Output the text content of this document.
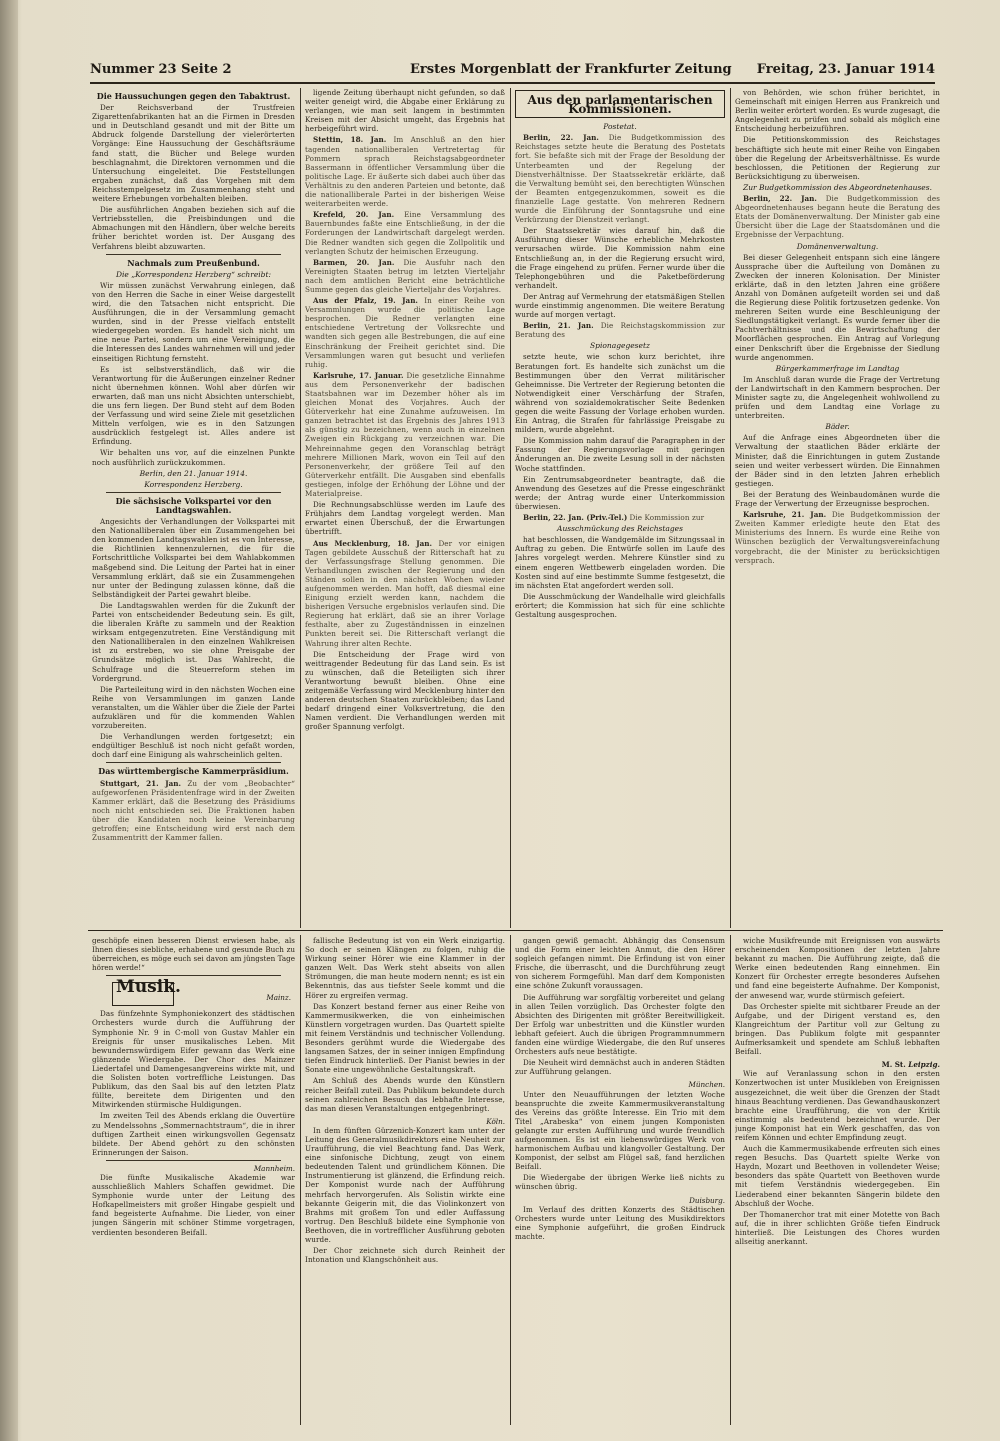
Nummer 23 Seite 2	Erstes Morgenblatt der Frankfurter Zeitung Freitag, 23. Januar 1914
Die Haussuchungen gegen den Tabaktrust.

Der Reichsverband der Trustfreien Zigarettenfabrikanten hat an die Firmen in Dresden und in Deutschland gesandt und mit der Bitte um Abdruck folgende Darstellung der vielerörterten Vorgänge: Eine Haussuchung der Geschäftsräume fand statt, die Bücher und Belege wurden beschlagnahmt, die Direktoren vernommen und die Untersuchung eingeleitet. Die Feststellungen ergaben zunächst, daß das Vorgehen mit dem Reichsstempelgesetz im Zusammenhang steht und weitere Erhebungen vorbehalten bleiben.

Die ausführlichen Angaben beziehen sich auf die Vertriebsstellen, die Preisbindungen und die Abmachungen mit den Händlern, über welche bereits früher berichtet worden ist. Der Ausgang des Verfahrens bleibt abzuwarten.

Nachmals zum Preußenbund.
Die „Korrespondenz Herzberg“ schreibt:

Wir müssen zunächst Verwahrung einlegen, daß von den Herren die Sache in einer Weise dargestellt wird, die den Tatsachen nicht entspricht. Die Ausführungen, die in der Versammlung gemacht wurden, sind in der Presse vielfach entstellt wiedergegeben worden. Es handelt sich nicht um eine neue Partei, sondern um eine Vereinigung, die die Interessen des Landes wahrnehmen will und jeder einseitigen Richtung fernsteht.

Es ist selbstverständlich, daß wir die Verantwortung für die Äußerungen einzelner Redner nicht übernehmen können. Wohl aber dürfen wir erwarten, daß man uns nicht Absichten unterschiebt, die uns fern liegen. Der Bund steht auf dem Boden der Verfassung und wird seine Ziele mit gesetzlichen Mitteln verfolgen, wie es in den Satzungen ausdrücklich festgelegt ist. Alles andere ist Erfindung.

Wir behalten uns vor, auf die einzelnen Punkte noch ausführlich zurückzukommen.

Berlin, den 21. Januar 1914.
Korrespondenz Herzberg.
Die sächsische Volkspartei vor den Landtagswahlen.

Angesichts der Verhandlungen der Volkspartei mit den Nationalliberalen über ein Zusammengehen bei den kommenden Landtagswahlen ist es von Interesse, die Richtlinien kennenzulernen, die für die Fortschrittliche Volkspartei bei dem Wahlabkommen maßgebend sind. Die Leitung der Partei hat in einer Versammlung erklärt, daß sie ein Zusammengehen nur unter der Bedingung zulassen könne, daß die Selbständigkeit der Partei gewahrt bleibe.

Die Landtagswahlen werden für die Zukunft der Partei von entscheidender Bedeutung sein. Es gilt, die liberalen Kräfte zu sammeln und der Reaktion wirksam entgegenzutreten. Eine Verständigung mit den Nationalliberalen in den einzelnen Wahlkreisen ist zu erstreben, wo sie ohne Preisgabe der Grundsätze möglich ist. Das Wahlrecht, die Schulfrage und die Steuerreform stehen im Vordergrund.

Die Parteileitung wird in den nächsten Wochen eine Reihe von Versammlungen im ganzen Lande veranstalten, um die Wähler über die Ziele der Partei aufzuklären und für die kommenden Wahlen vorzubereiten.

Die Verhandlungen werden fortgesetzt; ein endgültiger Beschluß ist noch nicht gefaßt worden, doch darf eine Einigung als wahrscheinlich gelten.

Das württembergische Kammerpräsidium.

Stuttgart, 21. Jan. Zu der vom „Beobachter“ aufgeworfenen Präsidentenfrage wird in der Zweiten Kammer erklärt, daß die Besetzung des Präsidiums noch nicht entschieden sei. Die Fraktionen haben über die Kandidaten noch keine Vereinbarung getroffen; eine Entscheidung wird erst nach dem Zusammentritt der Kammer fallen.

ligende Zeitung überhaupt nicht gefunden, so daß weiter geneigt wird, die Abgabe einer Erklärung zu verlangen, wie man seit langem in bestimmten Kreisen mit der Absicht umgeht, das Ergebnis hat herbeigeführt wird.

Stettin, 18. Jan. Im Anschluß an den hier tagenden nationalliberalen Vertretertag für Pommern sprach Reichstagsabgeordneter Bassermann in öffentlicher Versammlung über die politische Lage. Er äußerte sich dabei auch über das Verhältnis zu den anderen Parteien und betonte, daß die nationalliberale Partei in der bisherigen Weise weiterarbeiten werde.

Krefeld, 20. Jan. Eine Versammlung des Bauernbundes faßte eine Entschließung, in der die Forderungen der Landwirtschaft dargelegt werden. Die Redner wandten sich gegen die Zollpolitik und verlangten Schutz der heimischen Erzeugung.

Barmen, 20. Jan. Die Ausfuhr nach den Vereinigten Staaten betrug im letzten Vierteljahr nach dem amtlichen Bericht eine beträchtliche Summe gegen das gleiche Vierteljahr des Vorjahres.

Aus der Pfalz, 19. Jan. In einer Reihe von Versammlungen wurde die politische Lage besprochen. Die Redner verlangten eine entschiedene Vertretung der Volksrechte und wandten sich gegen alle Bestrebungen, die auf eine Einschränkung der Freiheit gerichtet sind. Die Versammlungen waren gut besucht und verliefen ruhig.

Karlsruhe, 17. Januar. Die gesetzliche Einnahme aus dem Personenverkehr der badischen Staatsbahnen war im Dezember höher als im gleichen Monat des Vorjahres. Auch der Güterverkehr hat eine Zunahme aufzuweisen. Im ganzen betrachtet ist das Ergebnis des Jahres 1913 als günstig zu bezeichnen, wenn auch in einzelnen Zweigen ein Rückgang zu verzeichnen war. Die Mehreinnahme gegen den Voranschlag beträgt mehrere Millionen Mark, wovon ein Teil auf den Personenverkehr, der größere Teil auf den Güterverkehr entfällt. Die Ausgaben sind ebenfalls gestiegen, infolge der Erhöhung der Löhne und der Materialpreise.

Die Rechnungsabschlüsse werden im Laufe des Frühjahrs dem Landtag vorgelegt werden. Man erwartet einen Überschuß, der die Erwartungen übertrifft.

Aus Mecklenburg, 18. Jan. Der vor einigen Tagen gebildete Ausschuß der Ritterschaft hat zu der Verfassungsfrage Stellung genommen. Die Verhandlungen zwischen der Regierung und den Ständen sollen in den nächsten Wochen wieder aufgenommen werden. Man hofft, daß diesmal eine Einigung erzielt werden kann, nachdem die bisherigen Versuche ergebnislos verlaufen sind. Die Regierung hat erklärt, daß sie an ihrer Vorlage festhalte, aber zu Zugeständnissen in einzelnen Punkten bereit sei. Die Ritterschaft verlangt die Wahrung ihrer alten Rechte.

Die Entscheidung der Frage wird von weittragender Bedeutung für das Land sein. Es ist zu wünschen, daß die Beteiligten sich ihrer Verantwortung bewußt bleiben. Ohne eine zeitgemäße Verfassung wird Mecklenburg hinter den anderen deutschen Staaten zurückbleiben; das Land bedarf dringend einer Volksvertretung, die den Namen verdient. Die Verhandlungen werden mit großer Spannung verfolgt.

Aus den parlamentarischen Kommissionen.
Postetat.

Berlin, 22. Jan. Die Budgetkommission des Reichstages setzte heute die Beratung des Postetats fort. Sie befaßte sich mit der Frage der Besoldung der Unterbeamten und der Regelung der Dienstverhältnisse. Der Staatssekretär erklärte, daß die Verwaltung bemüht sei, den berechtigten Wünschen der Beamten entgegenzukommen, soweit es die finanzielle Lage gestatte. Von mehreren Rednern wurde die Einführung der Sonntagsruhe und eine Verkürzung der Dienstzeit verlangt.

Der Staatssekretär wies darauf hin, daß die Ausführung dieser Wünsche erhebliche Mehrkosten verursachen würde. Die Kommission nahm eine Entschließung an, in der die Regierung ersucht wird, die Frage eingehend zu prüfen. Ferner wurde über die Telephongebühren und die Paketbeförderung verhandelt.

Der Antrag auf Vermehrung der etatsmäßigen Stellen wurde einstimmig angenommen. Die weitere Beratung wurde auf morgen vertagt.

Berlin, 21. Jan. Die Reichstagskommission zur Beratung des

Spionagegesetz

setzte heute, wie schon kurz berichtet, ihre Beratungen fort. Es handelte sich zunächst um die Bestimmungen über den Verrat militärischer Geheimnisse. Die Vertreter der Regierung betonten die Notwendigkeit einer Verschärfung der Strafen, während von sozialdemokratischer Seite Bedenken gegen die weite Fassung der Vorlage erhoben wurden. Ein Antrag, die Strafen für fahrlässige Preisgabe zu mildern, wurde abgelehnt.

Die Kommission nahm darauf die Paragraphen in der Fassung der Regierungsvorlage mit geringen Änderungen an. Die zweite Lesung soll in der nächsten Woche stattfinden.

Ein Zentrumsabgeordneter beantragte, daß die Anwendung des Gesetzes auf die Presse eingeschränkt werde; der Antrag wurde einer Unterkommission überwiesen.

Berlin, 22. Jan. (Priv.-Tel.) Die Kommission zur

Ausschmückung des Reichstages

hat beschlossen, die Wandgemälde im Sitzungssaal in Auftrag zu geben. Die Entwürfe sollen im Laufe des Jahres vorgelegt werden. Mehrere Künstler sind zu einem engeren Wettbewerb eingeladen worden. Die Kosten sind auf eine bestimmte Summe festgesetzt, die im nächsten Etat angefordert werden soll.

Die Ausschmückung der Wandelhalle wird gleichfalls erörtert; die Kommission hat sich für eine schlichte Gestaltung ausgesprochen.

von Behörden, wie schon früher berichtet, in Gemeinschaft mit einigen Herren aus Frankreich und Berlin weiter erörtert worden. Es wurde zugesagt, die Angelegenheit zu prüfen und sobald als möglich eine Entscheidung herbeizuführen.

Die Petitionskommission des Reichstages beschäftigte sich heute mit einer Reihe von Eingaben über die Regelung der Arbeitsverhältnisse. Es wurde beschlossen, die Petitionen der Regierung zur Berücksichtigung zu überweisen.

Zur Budgetkommission des Abgeordnetenhauses.

Berlin, 22. Jan. Die Budgetkommission des Abgeordnetenhauses begann heute die Beratung des Etats der Domänenverwaltung. Der Minister gab eine Übersicht über die Lage der Staatsdomänen und die Ergebnisse der Verpachtung.

Domänenverwaltung.

Bei dieser Gelegenheit entspann sich eine längere Aussprache über die Aufteilung von Domänen zu Zwecken der inneren Kolonisation. Der Minister erklärte, daß in den letzten Jahren eine größere Anzahl von Domänen aufgeteilt worden sei und daß die Regierung diese Politik fortzusetzen gedenke. Von mehreren Seiten wurde eine Beschleunigung der Siedlungstätigkeit verlangt. Es wurde ferner über die Pachtverhältnisse und die Bewirtschaftung der Moorflächen gesprochen. Ein Antrag auf Vorlegung einer Denkschrift über die Ergebnisse der Siedlung wurde angenommen.

Bürgerkammerfrage im Landtag

Im Anschluß daran wurde die Frage der Vertretung der Landwirtschaft in den Kammern besprochen. Der Minister sagte zu, die Angelegenheit wohlwollend zu prüfen und dem Landtag eine Vorlage zu unterbreiten.

Bäder.

Auf die Anfrage eines Abgeordneten über die Verwaltung der staatlichen Bäder erklärte der Minister, daß die Einrichtungen in gutem Zustande seien und weiter verbessert würden. Die Einnahmen der Bäder sind in den letzten Jahren erheblich gestiegen.

Bei der Beratung des Weinbaudomänen wurde die Frage der Verwertung der Erzeugnisse besprochen.

Karlsruhe, 21. Jan. Die Budgetkommission der Zweiten Kammer erledigte heute den Etat des Ministeriums des Innern. Es wurde eine Reihe von Wünschen bezüglich der Verwaltungsvereinfachung vorgebracht, die der Minister zu berücksichtigen versprach.

geschöpfe einen besseren Dienst erwiesen habe, als Ihnen dieses siebliche, erhabene und gesunde Buch zu überreichen, es möge euch sei davon am jüngsten Tage hören werde!“

Musik.
Mainz.

Das fünfzehnte Symphoniekonzert des städtischen Orchesters wurde durch die Aufführung der Symphonie Nr. 9 in C-moll von Gustav Mahler ein Ereignis für unser musikalisches Leben. Mit bewundernswürdigem Eifer gewann das Werk eine glänzende Wiedergabe. Der Chor des Mainzer Liedertafel und Damengesangvereins wirkte mit, und die Solisten boten vortreffliche Leistungen. Das Publikum, das den Saal bis auf den letzten Platz füllte, bereitete dem Dirigenten und den Mitwirkenden stürmische Huldigungen.

Im zweiten Teil des Abends erklang die Ouvertüre zu Mendelssohns „Sommernachtstraum“, die in ihrer duftigen Zartheit einen wirkungsvollen Gegensatz bildete. Der Abend gehört zu den schönsten Erinnerungen der Saison.

Mannheim.

Die fünfte Musikalische Akademie war ausschließlich Mahlers Schaffen gewidmet. Die Symphonie wurde unter der Leitung des Hofkapellmeisters mit großer Hingabe gespielt und fand begeisterte Aufnahme. Die Lieder, von einer jungen Sängerin mit schöner Stimme vorgetragen, verdienten besonderen Beifall.

fallische Bedeutung ist von ein Werk einzigartig. So doch er seinen Klängen zu folgen, ruhig die Wirkung seiner Hörer wie eine Klammer in der ganzen Welt. Das Werk steht abseits von allen Strömungen, die man heute modern nennt; es ist ein Bekenntnis, das aus tiefster Seele kommt und die Hörer zu ergreifen vermag.

Das Konzert bestand ferner aus einer Reihe von Kammermusikwerken, die von einheimischen Künstlern vorgetragen wurden. Das Quartett spielte mit feinem Verständnis und technischer Vollendung. Besonders gerühmt wurde die Wiedergabe des langsamen Satzes, der in seiner innigen Empfindung tiefen Eindruck hinterließ. Der Pianist bewies in der Sonate eine ungewöhnliche Gestaltungskraft.

Am Schluß des Abends wurde den Künstlern reicher Beifall zuteil. Das Publikum bekundete durch seinen zahlreichen Besuch das lebhafte Interesse, das man diesen Veranstaltungen entgegenbringt.

Köln.

In dem fünften Gürzenich-Konzert kam unter der Leitung des Generalmusikdirektors eine Neuheit zur Uraufführung, die viel Beachtung fand. Das Werk, eine sinfonische Dichtung, zeugt von einem bedeutenden Talent und gründlichem Können. Die Instrumentierung ist glänzend, die Erfindung reich. Der Komponist wurde nach der Aufführung mehrfach hervorgerufen. Als Solistin wirkte eine bekannte Geigerin mit, die das Violinkonzert von Brahms mit großem Ton und edler Auffassung vortrug. Den Beschluß bildete eine Symphonie von Beethoven, die in vortrefflicher Ausführung geboten wurde.

Der Chor zeichnete sich durch Reinheit der Intonation und Klangschönheit aus.

gangen gewiß gemacht. Abhängig das Consensum und die Form einer leichten Anmut, die den Hörer sogleich gefangen nimmt. Die Erfindung ist von einer Frische, die überrascht, und die Durchführung zeugt von sicherem Formgefühl. Man darf dem Komponisten eine schöne Zukunft voraussagen.

Die Aufführung war sorgfältig vorbereitet und gelang in allen Teilen vorzüglich. Das Orchester folgte den Absichten des Dirigenten mit größter Bereitwilligkeit. Der Erfolg war unbestritten und die Künstler wurden lebhaft gefeiert. Auch die übrigen Programmnummern fanden eine würdige Wiedergabe, die den Ruf unseres Orchesters aufs neue bestätigte.

Die Neuheit wird demnächst auch in anderen Städten zur Aufführung gelangen.

München.

Unter den Neuaufführungen der letzten Woche beanspruchte die zweite Kammermusikveranstaltung des Vereins das größte Interesse. Ein Trio mit dem Titel „Arabeska“ von einem jungen Komponisten gelangte zur ersten Aufführung und wurde freundlich aufgenommen. Es ist ein liebenswürdiges Werk von harmonischem Aufbau und klangvoller Gestaltung. Der Komponist, der selbst am Flügel saß, fand herzlichen Beifall.

Die Wiedergabe der übrigen Werke ließ nichts zu wünschen übrig.

Duisburg.

Im Verlauf des dritten Konzerts des Städtischen Orchesters wurde unter Leitung des Musikdirektors eine Symphonie aufgeführt, die großen Eindruck machte.

wiche Musikfreunde mit Ereignissen von auswärts erscheinenden Kompositionen der letzten Jahre bekannt zu machen. Die Aufführung zeigte, daß die Werke einen bedeutenden Rang einnehmen. Ein Konzert für Orchester erregte besonderes Aufsehen und fand eine begeisterte Aufnahme. Der Komponist, der anwesend war, wurde stürmisch gefeiert.

Das Orchester spielte mit sichtbarer Freude an der Aufgabe, und der Dirigent verstand es, den Klangreichtum der Partitur voll zur Geltung zu bringen. Das Publikum folgte mit gespannter Aufmerksamkeit und spendete am Schluß lebhaften Beifall.

M. St. Leipzig.

Wie auf Veranlassung schon in den ersten Konzertwochen ist unter Musikleben von Ereignissen ausgezeichnet, die weit über die Grenzen der Stadt hinaus Beachtung verdienen. Das Gewandhauskonzert brachte eine Uraufführung, die von der Kritik einstimmig als bedeutend bezeichnet wurde. Der junge Komponist hat ein Werk geschaffen, das von reifem Können und echter Empfindung zeugt.

Auch die Kammermusikabende erfreuten sich eines regen Besuchs. Das Quartett spielte Werke von Haydn, Mozart und Beethoven in vollendeter Weise; besonders das späte Quartett von Beethoven wurde mit tiefem Verständnis wiedergegeben. Ein Liederabend einer bekannten Sängerin bildete den Abschluß der Woche.

Der Thomanerchor trat mit einer Motette von Bach auf, die in ihrer schlichten Größe tiefen Eindruck hinterließ. Die Leistungen des Chores wurden allseitig anerkannt.
